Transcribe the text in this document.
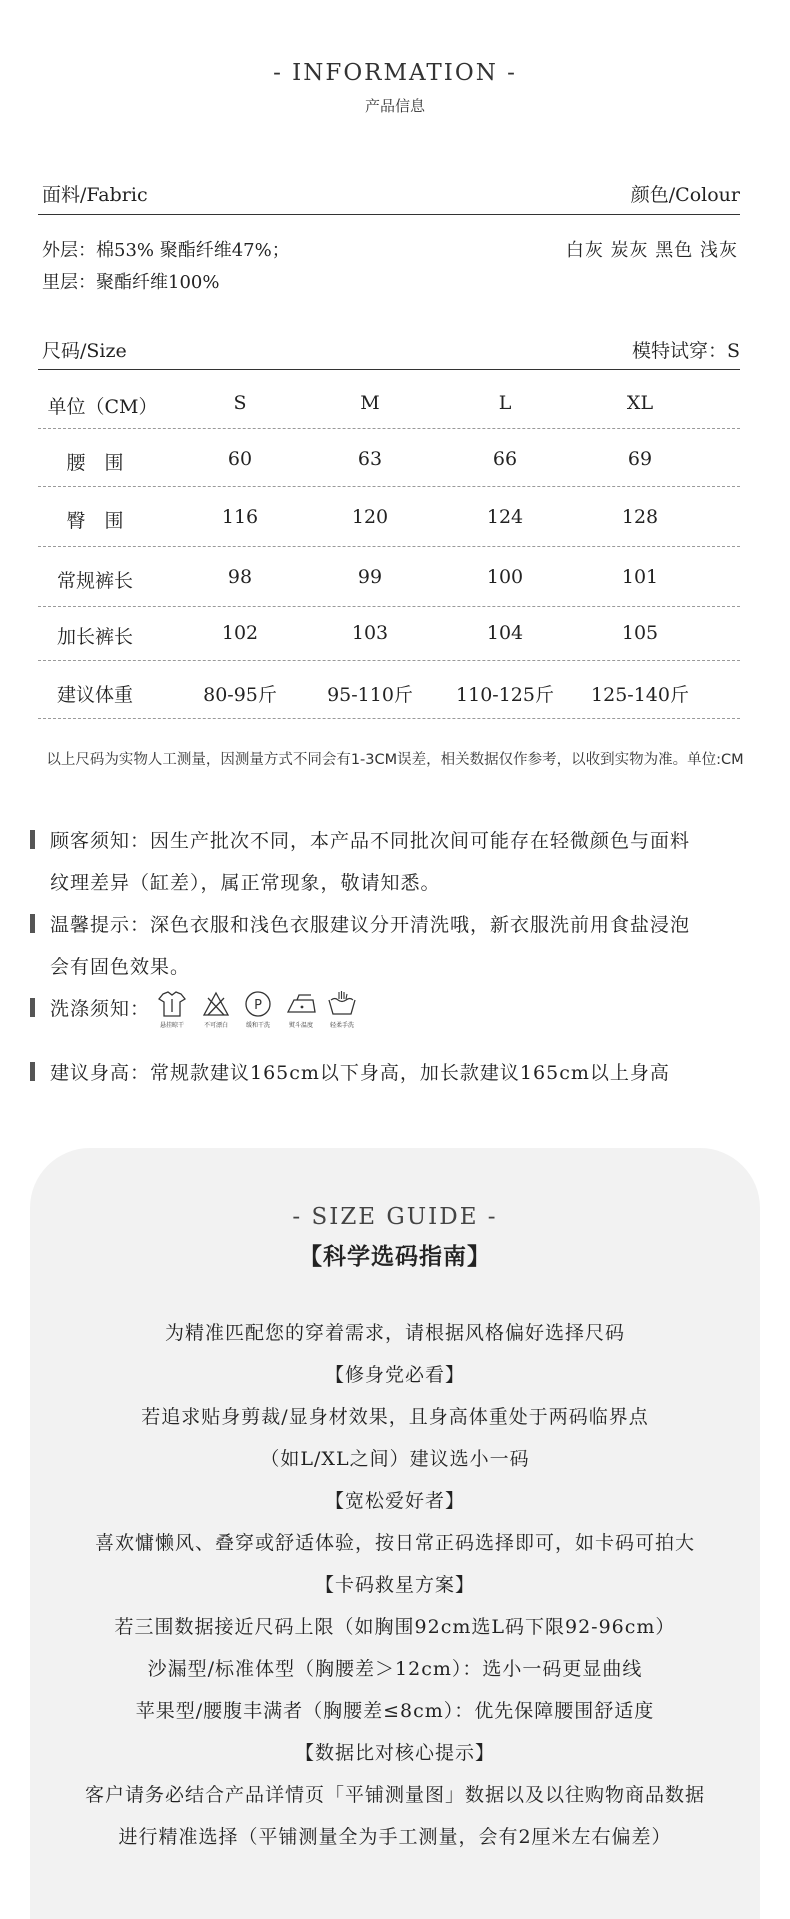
- INFORMATION -
产品信息
面料/Fabric	颜色/Colour
外层：棉53% 聚酯纤维47%；
里层：聚酯纤维100%
白灰 炭灰 黑色 浅灰
尺码/Size	模特试穿：S
单位（CM）	S	M	L	XL
腰　围	60	63	66	69
臀　围	116	120	124	128
常规裤长	98	99	100	101
加长裤长	102	103	104	105
建议体重	80-95斤	95-110斤	110-125斤	125-140斤
以上尺码为实物人工测量，因测量方式不同会有1-3CM误差，相关数据仅作参考，以收到实物为准。单位:CM
顾客须知：因生产批次不同，本产品不同批次间可能存在轻微颜色与面料
纹理差异（缸差），属正常现象，敬请知悉。
温馨提示：深色衣服和浅色衣服建议分开清洗哦，新衣服洗前用食盐浸泡
会有固色效果。
洗涤须知：	P
悬挂晾干	不可漂白	缓和干洗	熨斗温度	轻柔手洗
建议身高：常规款建议165cm以下身高，加长款建议165cm以上身高
- SIZE GUIDE -
【科学选码指南】
为精准匹配您的穿着需求，请根据风格偏好选择尺码
【修身党必看】
若追求贴身剪裁/显身材效果，且身高体重处于两码临界点
（如L/XL之间）建议选小一码
【宽松爱好者】
喜欢慵懒风、叠穿或舒适体验，按日常正码选择即可，如卡码可拍大
【卡码救星方案】
若三围数据接近尺码上限（如胸围92cm选L码下限92-96cm）
沙漏型/标准体型（胸腰差＞12cm）：选小一码更显曲线
苹果型/腰腹丰满者（胸腰差≤8cm）：优先保障腰围舒适度
【数据比对核心提示】
客户请务必结合产品详情页「平铺测量图」数据以及以往购物商品数据
进行精准选择（平铺测量全为手工测量，会有2厘米左右偏差）
